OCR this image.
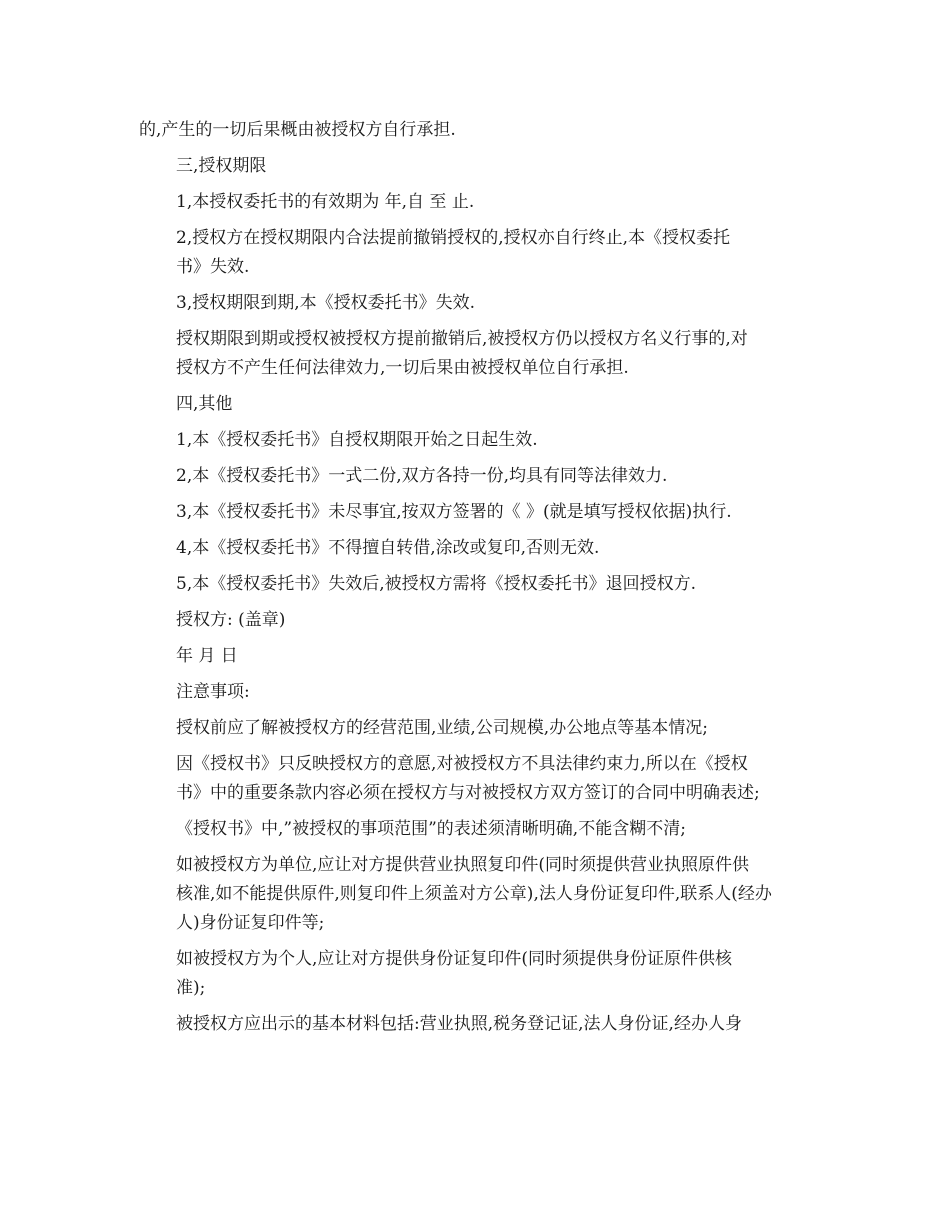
的,产生的一切后果概由被授权方自行承担.

三,授权期限

1,本授权委托书的有效期为 年,自 至 止.

2,授权方在授权期限内合法提前撤销授权的,授权亦自行终止,本《授权委托
书》失效.

3,授权期限到期,本《授权委托书》失效.

授权期限到期或授权被授权方提前撤销后,被授权方仍以授权方名义行事的,对
授权方不产生任何法律效力,一切后果由被授权单位自行承担.

四,其他

1,本《授权委托书》自授权期限开始之日起生效.

2,本《授权委托书》一式二份,双方各持一份,均具有同等法律效力.

3,本《授权委托书》未尽事宜,按双方签署的《 》(就是填写授权依据)执行.

4,本《授权委托书》不得擅自转借,涂改或复印,否则无效.

5,本《授权委托书》失效后,被授权方需将《授权委托书》退回授权方.

授权方: (盖章)

年 月 日

注意事项:

授权前应了解被授权方的经营范围,业绩,公司规模,办公地点等基本情况;

因《授权书》只反映授权方的意愿,对被授权方不具法律约束力,所以在《授权
书》中的重要条款内容必须在授权方与对被授权方双方签订的合同中明确表述;

《授权书》中,”被授权的事项范围”的表述须清晰明确,不能含糊不清;

如被授权方为单位,应让对方提供营业执照复印件(同时须提供营业执照原件供
核准,如不能提供原件,则复印件上须盖对方公章),法人身份证复印件,联系人(经办
人)身份证复印件等;

如被授权方为个人,应让对方提供身份证复印件(同时须提供身份证原件供核
准);

被授权方应出示的基本材料包括:营业执照,税务登记证,法人身份证,经办人身
